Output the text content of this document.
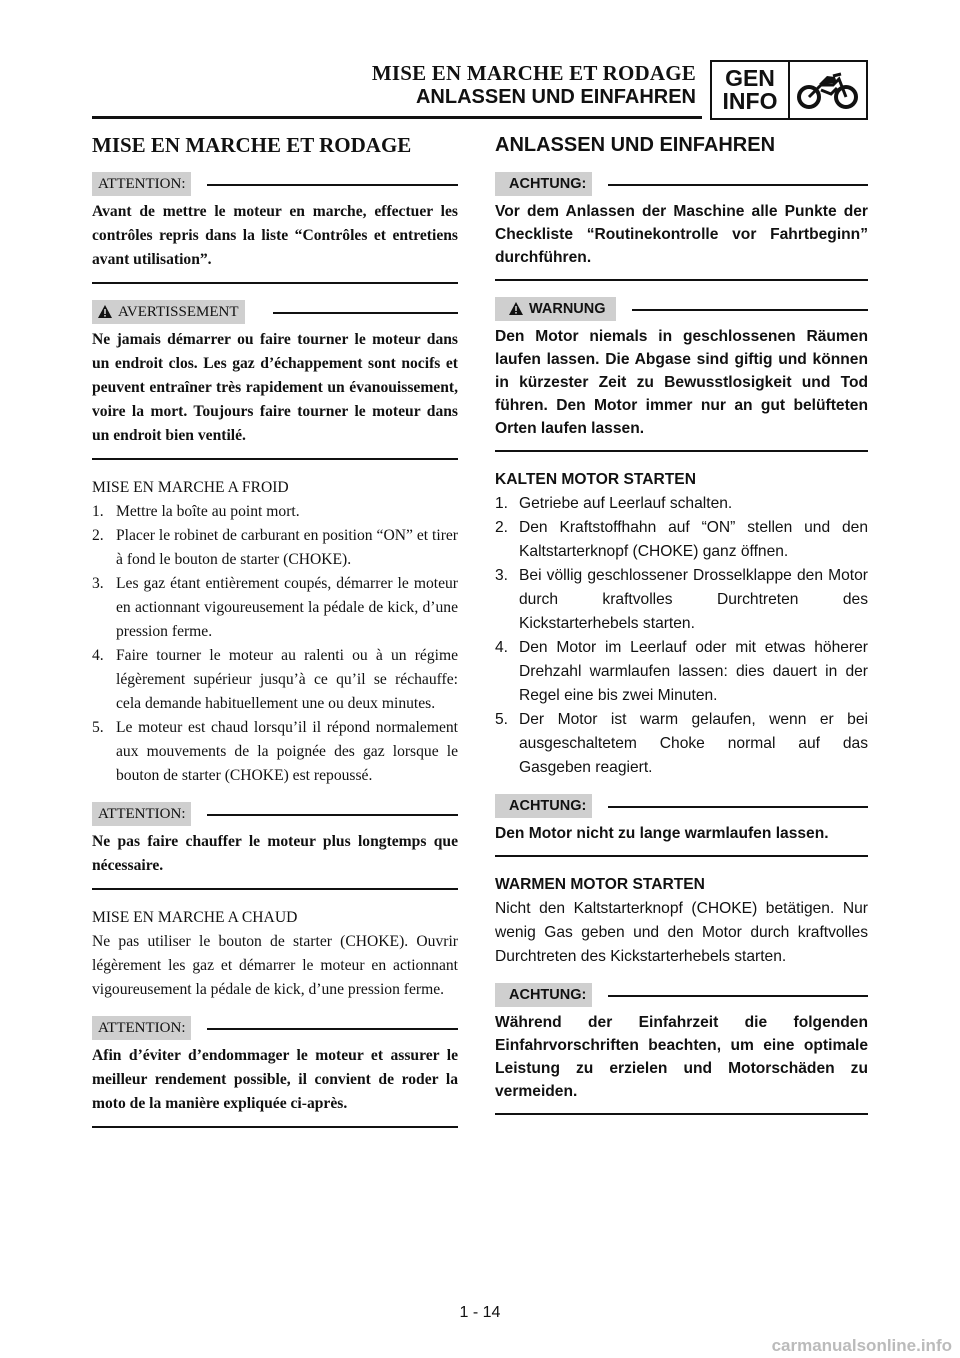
MISE EN MARCHE ET RODAGE
ANLASSEN UND EINFAHREN
GEN
INFO
MISE EN MARCHE ET RODAGE
ATTENTION:
Avant de mettre le moteur en marche, effectuer les contrôles repris dans la liste “Contrôles et entretiens avant utilisation”.
AVERTISSEMENT
Ne jamais démarrer ou faire tourner le moteur dans un endroit clos. Les gaz d’échappement sont nocifs et peuvent entraîner très rapidement un évanouissement, voire la mort. Toujours faire tourner le moteur dans un endroit bien ventilé.
MISE EN MARCHE A FROID
1. Mettre la boîte au point mort.
2. Placer le robinet de carburant en position “ON” et tirer à fond le bouton de starter (CHOKE).
3. Les gaz étant entièrement coupés, démarrer le moteur en actionnant vigoureusement la pédale de kick, d’une pression ferme.
4. Faire tourner le moteur au ralenti ou à un régime légèrement supérieur jusqu’à ce qu’il se réchauffe: cela demande habituellement une ou deux minutes.
5. Le moteur est chaud lorsqu’il il répond normalement aux mouvements de la poignée des gaz lorsque le bouton de starter (CHOKE) est repoussé.
ATTENTION:
Ne pas faire chauffer le moteur plus longtemps que nécessaire.
MISE EN MARCHE A CHAUD
Ne pas utiliser le bouton de starter (CHOKE). Ouvrir légèrement les gaz et démarrer le moteur en actionnant vigoureusement la pédale de kick, d’une pression ferme.
ATTENTION:
Afin d’éviter d’endommager le moteur et assurer le meilleur rendement possible, il convient de roder la moto de la manière expliquée ci-après.
ANLASSEN UND EINFAHREN
ACHTUNG:
Vor dem Anlassen der Maschine alle Punkte der Checkliste “Routinekontrolle vor Fahrtbeginn” durchführen.
WARNUNG
Den Motor niemals in geschlossenen Räumen laufen lassen. Die Abgase sind giftig und können in kürzester Zeit zu Bewusstlosigkeit und Tod führen. Den Motor immer nur an gut belüfteten Orten laufen lassen.
KALTEN MOTOR STARTEN
1. Getriebe auf Leerlauf schalten.
2. Den Kraftstoffhahn auf “ON” stellen und den Kaltstarterknopf (CHOKE) ganz öffnen.
3. Bei völlig geschlossener Drosselklappe den Motor durch kraftvolles Durchtreten des Kickstarterhebels starten.
4. Den Motor im Leerlauf oder mit etwas höherer Drehzahl warmlaufen lassen: dies dauert in der Regel eine bis zwei Minuten.
5. Der Motor ist warm gelaufen, wenn er bei ausgeschaltetem Choke normal auf das Gasgeben reagiert.
ACHTUNG:
Den Motor nicht zu lange warmlaufen lassen.
WARMEN MOTOR STARTEN
Nicht den Kaltstarterknopf (CHOKE) betätigen. Nur wenig Gas geben und den Motor durch kraftvolles Durchtreten des Kickstarterhebels starten.
ACHTUNG:
Während der Einfahrzeit die folgenden Einfahrvorschriften beachten, um eine optimale Leistung zu erzielen und Motorschäden zu vermeiden.
1 - 14
carmanualsonline.info
